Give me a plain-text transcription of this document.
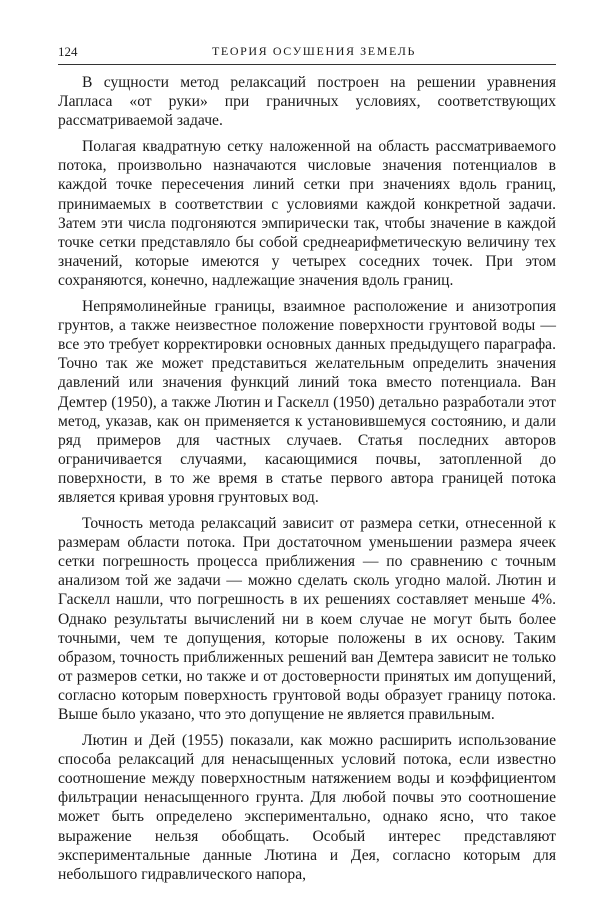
124	ТЕОРИЯ ОСУШЕНИЯ ЗЕМЕЛЬ

В сущности метод релаксаций построен на решении уравнения Лапласа «от руки» при граничных условиях, соответствующих рассматриваемой задаче.

Полагая квадратную сетку наложенной на область рассматриваемого потока, произвольно назначаются числовые значения потенциалов в каждой точке пересечения линий сетки при значениях вдоль границ, принимаемых в соответствии с условиями каждой конкретной задачи. Затем эти числа подгоняются эмпирически так, чтобы значение в каждой точке сетки представляло бы собой среднеарифметическую величину тех значений, которые имеются у четырех соседних точек. При этом сохраняются, конечно, надлежащие значения вдоль границ.

Непрямолинейные границы, взаимное расположение и анизотропия грунтов, а также неизвестное положение поверхности грунтовой воды — все это требует корректировки основных данных предыдущего параграфа. Точно так же может представиться желательным определить значения давлений или значения функций линий тока вместо потенциала. Ван Демтер (1950), а также Лютин и Гаскелл (1950) детально разработали этот метод, указав, как он применяется к установившемуся состоянию, и дали ряд примеров для частных случаев. Статья последних авторов ограничивается случаями, касающимися почвы, затопленной до поверхности, в то же время в статье первого автора границей потока является кривая уровня грунтовых вод.

Точность метода релаксаций зависит от размера сетки, отнесенной к размерам области потока. При достаточном уменьшении размера ячеек сетки погрешность процесса приближения — по сравнению с точным анализом той же задачи — можно сделать сколь угодно малой. Лютин и Гаскелл нашли, что погрешность в их решениях составляет меньше 4%. Однако результаты вычислений ни в коем случае не могут быть более точными, чем те допущения, которые положены в их основу. Таким образом, точность приближенных решений ван Демтера зависит не только от размеров сетки, но также и от достоверности принятых им допущений, согласно которым поверхность грунтовой воды образует границу потока. Выше было указано, что это допущение не является правильным.

Лютин и Дей (1955) показали, как можно расширить использование способа релаксаций для ненасыщенных условий потока, если известно соотношение между поверхностным натяжением воды и коэффициентом фильтрации ненасыщенного грунта. Для любой почвы это соотношение может быть определено экспериментально, однако ясно, что такое выражение нельзя обобщать. Особый интерес представляют экспериментальные данные Лютина и Дея, согласно которым для небольшого гидравлического напора,
